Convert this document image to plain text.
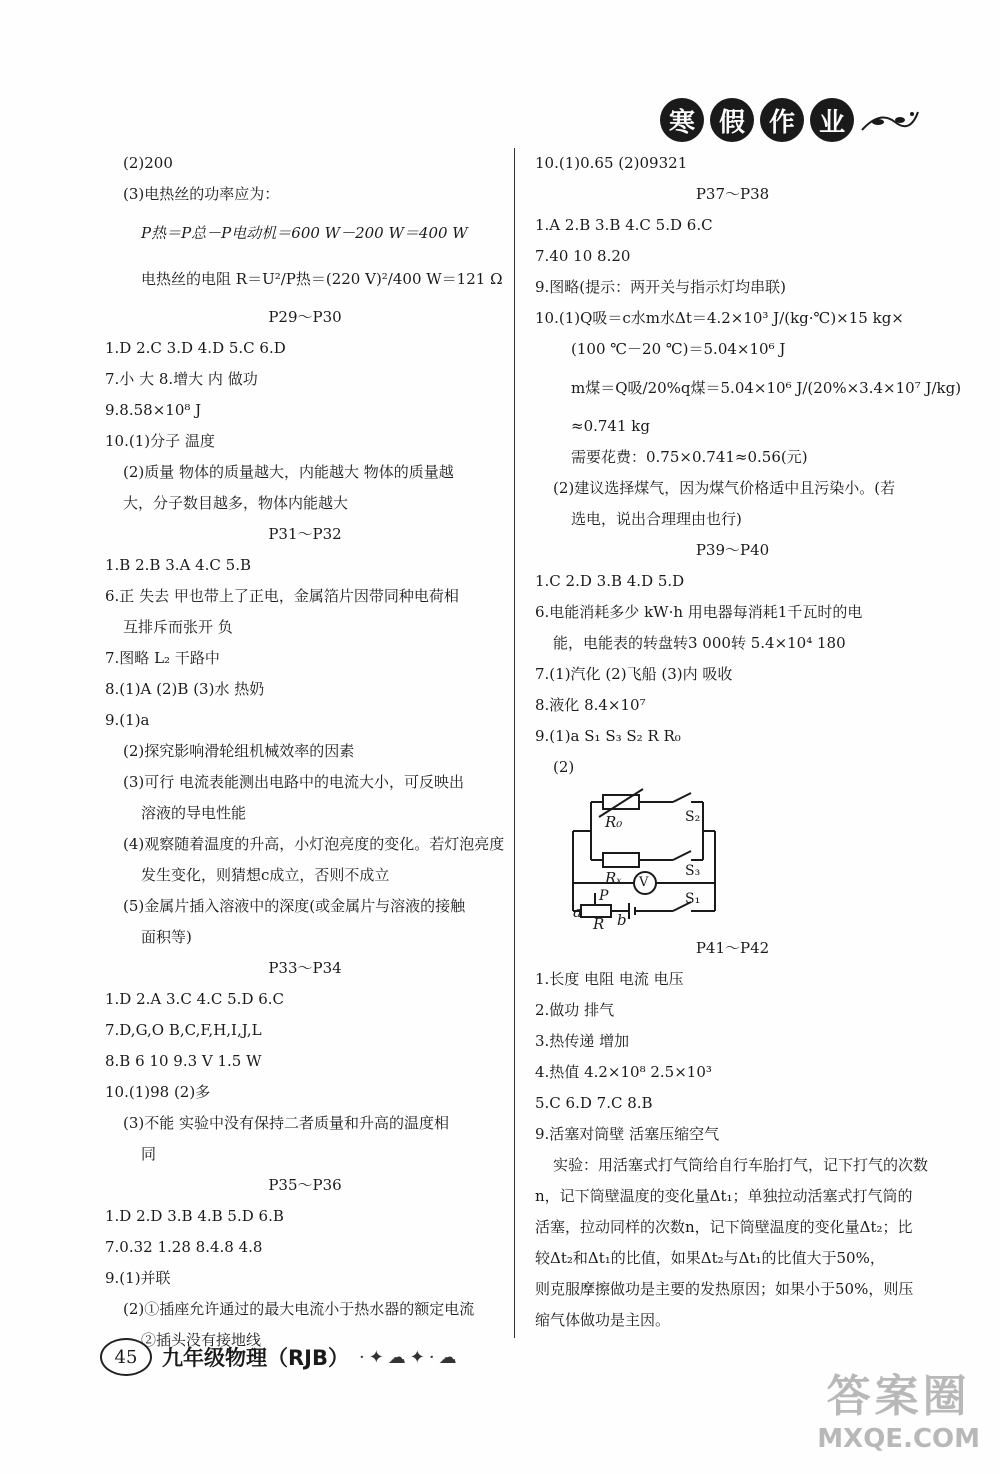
寒 假 作 业
(2)200
(3)电热丝的功率应为：
P热＝P总－P电动机＝600 W－200 W＝400 W
电热丝的电阻 R＝U²/P热＝(220 V)²/400 W＝121 Ω
P29～P30
1.D 2.C 3.D 4.D 5.C 6.D
7.小 大 8.增大 内 做功
9.8.58×10⁸ J
10.(1)分子 温度
(2)质量 物体的质量越大，内能越大 物体的质量越
大，分子数目越多，物体内能越大
P31～P32
1.B 2.B 3.A 4.C 5.B
6.正 失去 甲也带上了正电，金属箔片因带同种电荷相
互排斥而张开 负
7.图略 L₂ 干路中
8.(1)A (2)B (3)水 热奶
9.(1)a
(2)探究影响滑轮组机械效率的因素
(3)可行 电流表能测出电路中的电流大小，可反映出
溶液的导电性能
(4)观察随着温度的升高，小灯泡亮度的变化。若灯泡亮度
发生变化，则猜想c成立，否则不成立
(5)金属片插入溶液中的深度(或金属片与溶液的接触
面积等)
P33～P34
1.D 2.A 3.C 4.C 5.D 6.C
7.D,G,O B,C,F,H,I,J,L
8.B 6 10 9.3 V 1.5 W
10.(1)98 (2)多
(3)不能 实验中没有保持二者质量和升高的温度相
同
P35～P36
1.D 2.D 3.B 4.B 5.D 6.B
7.0.32 1.28 8.4.8 4.8
9.(1)并联
(2)①插座允许通过的最大电流小于热水器的额定电流
②插头没有接地线
10.(1)0.65 (2)09321
P37～P38
1.A 2.B 3.B 4.C 5.D 6.C
7.40 10 8.20
9.图略(提示：两开关与指示灯均串联)
10.(1)Q吸＝c水m水Δt＝4.2×10³ J/(kg·℃)×15 kg×
(100 ℃－20 ℃)＝5.04×10⁶ J
m煤＝Q吸/20%q煤＝5.04×10⁶ J/(20%×3.4×10⁷ J/kg)
≈0.741 kg
需要花费：0.75×0.741≈0.56(元)
(2)建议选择煤气，因为煤气价格适中且污染小。(若
选电，说出合理理由也行)
P39～P40
1.C 2.D 3.B 4.D 5.D
6.电能消耗多少 kW·h 用电器每消耗1千瓦时的电
能，电能表的转盘转3 000转 5.4×10⁴ 180
7.(1)汽化 (2)飞船 (3)内 吸收
8.液化 8.4×10⁷
9.(1)a S₁ S₃ S₂ R R₀
(2)
R₀	S₂
Rₓ	S₃
V
P	S₁
a b
R
P41～P42
1.长度 电阻 电流 电压
2.做功 排气
3.热传递 增加
4.热值 4.2×10⁸ 2.5×10³
5.C 6.D 7.C 8.B
9.活塞对筒壁 活塞压缩空气
实验：用活塞式打气筒给自行车胎打气，记下打气的次数
n，记下筒壁温度的变化量Δt₁；单独拉动活塞式打气筒的
活塞，拉动同样的次数n，记下筒壁温度的变化量Δt₂；比
较Δt₂和Δt₁的比值，如果Δt₂与Δt₁的比值大于50%，
则克服摩擦做功是主要的发热原因；如果小于50%，则压
缩气体做功是主因。
45	九年级物理（RJB） ·✦☁✦·☁
答案圈
MXQE.COM
